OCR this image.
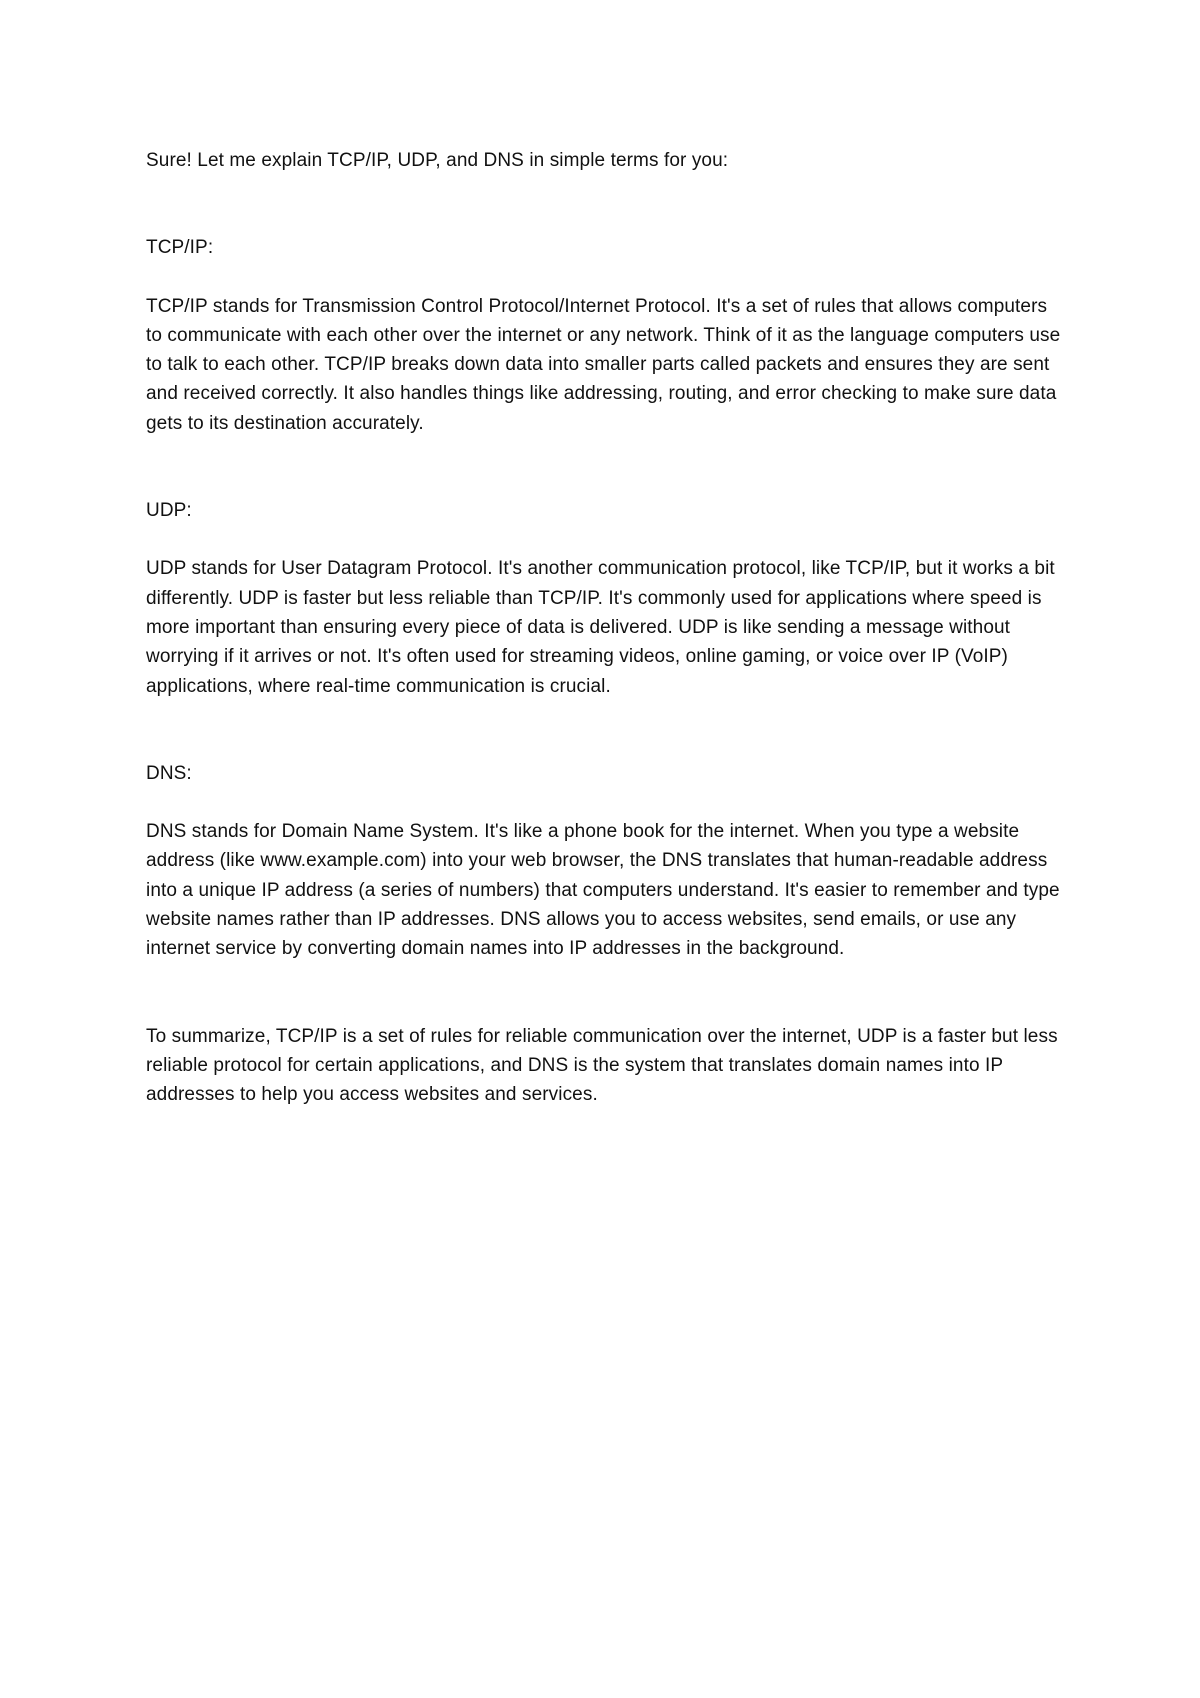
Sure! Let me explain TCP/IP, UDP, and DNS in simple terms for you:

TCP/IP:

TCP/IP stands for Transmission Control Protocol/Internet Protocol. It's a set of rules that allows computers to communicate with each other over the internet or any network. Think of it as the language computers use to talk to each other. TCP/IP breaks down data into smaller parts called packets and ensures they are sent and received correctly. It also handles things like addressing, routing, and error checking to make sure data gets to its destination accurately.

UDP:

UDP stands for User Datagram Protocol. It's another communication protocol, like TCP/IP, but it works a bit differently. UDP is faster but less reliable than TCP/IP. It's commonly used for applications where speed is more important than ensuring every piece of data is delivered. UDP is like sending a message without worrying if it arrives or not. It's often used for streaming videos, online gaming, or voice over IP (VoIP) applications, where real-time communication is crucial.

DNS:

DNS stands for Domain Name System. It's like a phone book for the internet. When you type a website address (like www.example.com) into your web browser, the DNS translates that human-readable address into a unique IP address (a series of numbers) that computers understand. It's easier to remember and type website names rather than IP addresses. DNS allows you to access websites, send emails, or use any internet service by converting domain names into IP addresses in the background.

To summarize, TCP/IP is a set of rules for reliable communication over the internet, UDP is a faster but less reliable protocol for certain applications, and DNS is the system that translates domain names into IP addresses to help you access websites and services.
